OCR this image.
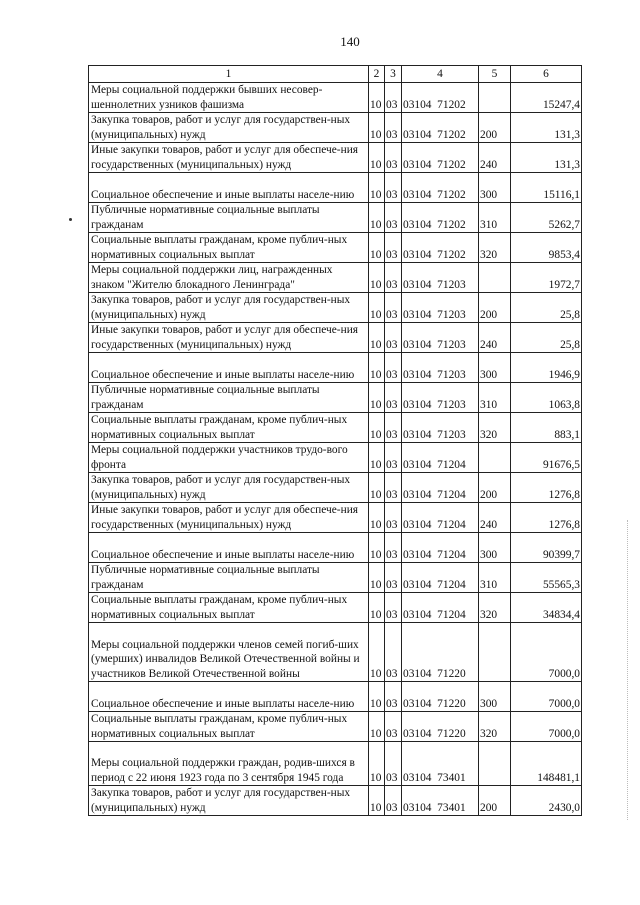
140
1	2	3	4	5	6
Меры социальной поддержки бывших несовер-шеннолетних узников фашизма	10	03	03104  71202		15247,4
Закупка товаров, работ и услуг для государствен-ных (муниципальных) нужд	10	03	03104  71202	200	131,3
Иные закупки товаров, работ и услуг для обеспече-ния государственных (муниципальных) нужд	10	03	03104  71202	240	131,3
Социальное обеспечение и иные выплаты населе-нию	10	03	03104  71202	300	15116,1
Публичные нормативные социальные выплаты гражданам	10	03	03104  71202	310	5262,7
Социальные выплаты гражданам, кроме публич-ных нормативных социальных выплат	10	03	03104  71202	320	9853,4
Меры социальной поддержки лиц, награжденных знаком "Жителю блокадного Ленинграда"	10	03	03104  71203		1972,7
Закупка товаров, работ и услуг для государствен-ных (муниципальных) нужд	10	03	03104  71203	200	25,8
Иные закупки товаров, работ и услуг для обеспече-ния государственных (муниципальных) нужд	10	03	03104  71203	240	25,8
Социальное обеспечение и иные выплаты населе-нию	10	03	03104  71203	300	1946,9
Публичные нормативные социальные выплаты гражданам	10	03	03104  71203	310	1063,8
Социальные выплаты гражданам, кроме публич-ных нормативных социальных выплат	10	03	03104  71203	320	883,1
Меры социальной поддержки участников трудо-вого фронта	10	03	03104  71204		91676,5
Закупка товаров, работ и услуг для государствен-ных (муниципальных) нужд	10	03	03104  71204	200	1276,8
Иные закупки товаров, работ и услуг для обеспече-ния государственных (муниципальных) нужд	10	03	03104  71204	240	1276,8
Социальное обеспечение и иные выплаты населе-нию	10	03	03104  71204	300	90399,7
Публичные нормативные социальные выплаты гражданам	10	03	03104  71204	310	55565,3
Социальные выплаты гражданам, кроме публич-ных нормативных социальных выплат	10	03	03104  71204	320	34834,4
Меры социальной поддержки членов семей погиб-ших (умерших) инвалидов Великой Отечественной войны и участников Великой Отечественной войны	10	03	03104  71220		7000,0
Социальное обеспечение и иные выплаты населе-нию	10	03	03104  71220	300	7000,0
Социальные выплаты гражданам, кроме публич-ных нормативных социальных выплат	10	03	03104  71220	320	7000,0
Меры социальной поддержки граждан, родив-шихся в период с 22 июня 1923 года по 3 сентября 1945 года	10	03	03104  73401		148481,1
Закупка товаров, работ и услуг для государствен-ных (муниципальных) нужд	10	03	03104  73401	200	2430,0
